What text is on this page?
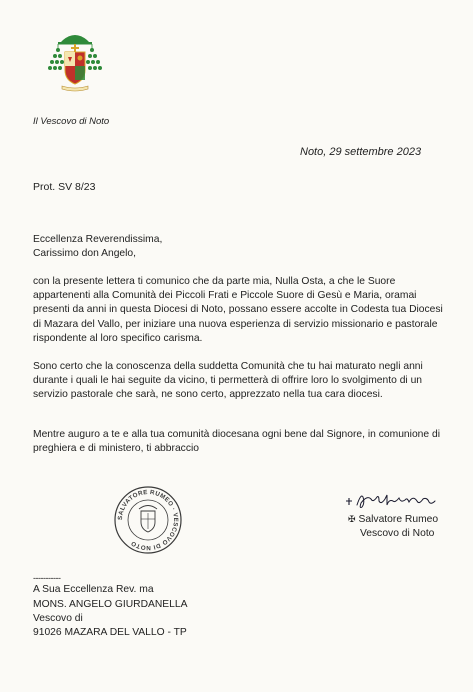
Il Vescovo di Noto
Noto, 29 settembre 2023
Prot. SV 8/23
Eccellenza Reverendissima,
Carissimo don Angelo,
con la presente lettera ti comunico che da parte mia, Nulla Osta, a che le Suore appartenenti alla Comunità dei Piccoli Frati e Piccole Suore di Gesù e Maria, oramai presenti da anni in questa Diocesi di Noto, possano essere accolte in Codesta tua Diocesi di Mazara del Vallo, per iniziare una nuova esperienza di servizio missionario e pastorale rispondente al loro specifico carisma.
Sono certo che la conoscenza della suddetta Comunità che tu hai maturato negli anni durante i quali le hai seguite da vicino, ti permetterà di offrire loro lo svolgimento di un servizio pastorale che sarà, ne sono certo, apprezzato nella tua cara diocesi.
Mentre auguro a te e alla tua comunità diocesana ogni bene dal Signore, in comunione di preghiera e di ministero, ti abbraccio
SALVATORE RUMEO · VESCOVO DI NOTO
✠ Salvatore Rumeo
Vescovo di Noto
-----------
A Sua Eccellenza Rev. ma
MONS. ANGELO GIURDANELLA
Vescovo di
91026 MAZARA DEL VALLO - TP
